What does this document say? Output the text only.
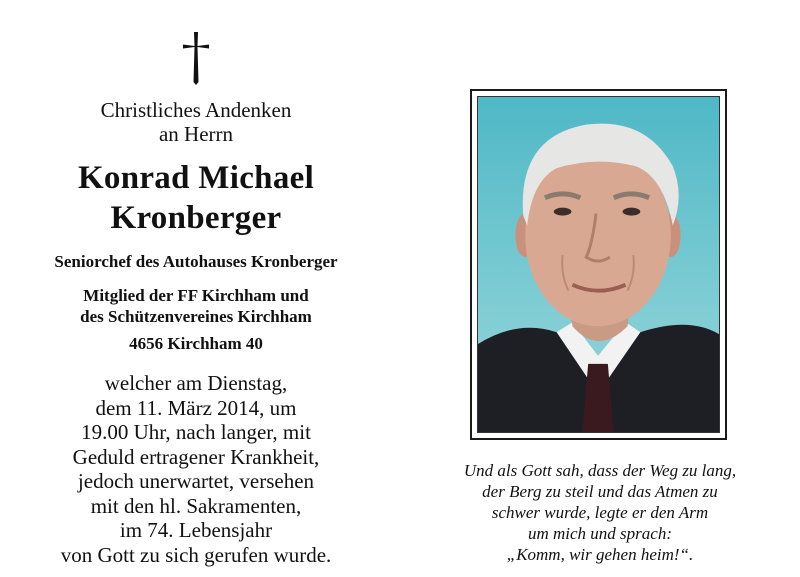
Christliches Andenken
an Herrn
Konrad Michael
Kronberger
Seniorchef des Autohauses Kronberger
Mitglied der FF Kirchham und
des Schützenvereines Kirchham
4656 Kirchham 40
welcher am Dienstag,
dem 11. März 2014, um
19.00 Uhr, nach langer, mit
Geduld ertragener Krankheit,
jedoch unerwartet, versehen
mit den hl. Sakramenten,
im 74. Lebensjahr
von Gott zu sich gerufen wurde.
Und als Gott sah, dass der Weg zu lang,
der Berg zu steil und das Atmen zu
schwer wurde, legte er den Arm
um mich und sprach:
„Komm, wir gehen heim!“.
